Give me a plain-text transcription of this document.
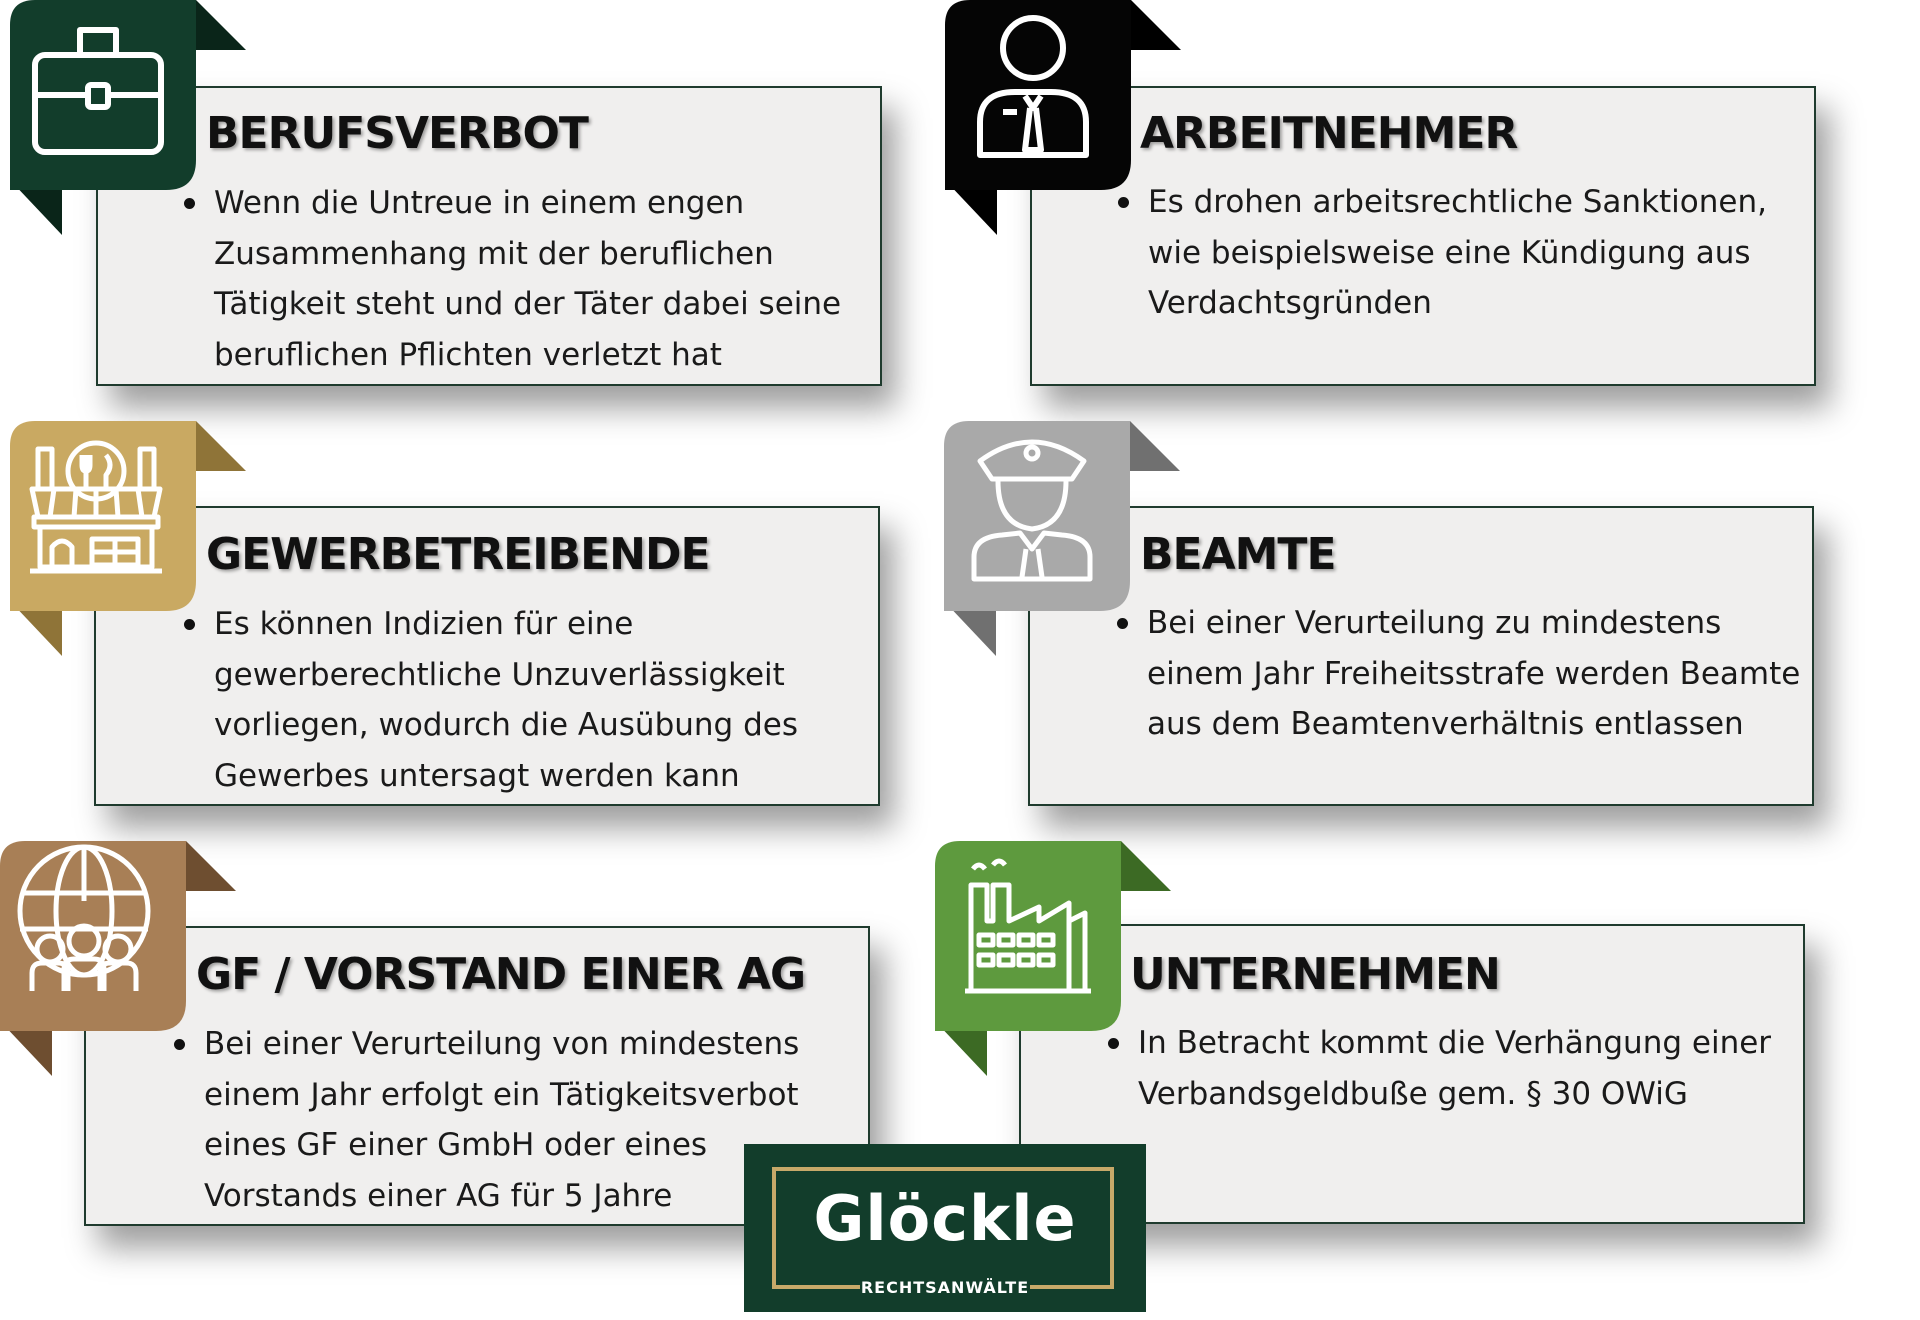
BERUFSVERBOT
Wenn die Untreue in einem engen Zusammenhang mit der beruflichen Tätigkeit steht und der Täter dabei seine beruflichen Pflichten verletzt hat
ARBEITNEHMER
Es drohen arbeitsrechtliche Sanktionen, wie beispielsweise eine Kündigung aus Verdachtsgründen
GEWERBETREIBENDE
Es können Indizien für eine gewerberechtliche Unzuverlässigkeit vorliegen, wodurch die Ausübung des Gewerbes untersagt werden kann
BEAMTE
Bei einer Verurteilung zu mindestens einem Jahr Freiheitsstrafe werden Beamte aus dem Beamtenverhältnis entlassen
GF / VORSTAND EINER AG
Bei einer Verurteilung von mindestens einem Jahr erfolgt ein Tätigkeitsverbot eines GF einer GmbH oder eines Vorstands einer AG für 5 Jahre
UNTERNEHMEN
In Betracht kommt die Verhängung einer Verbandsgeldbuße gem. § 30 OWiG
Glöckle
RECHTSANWÄLTE
